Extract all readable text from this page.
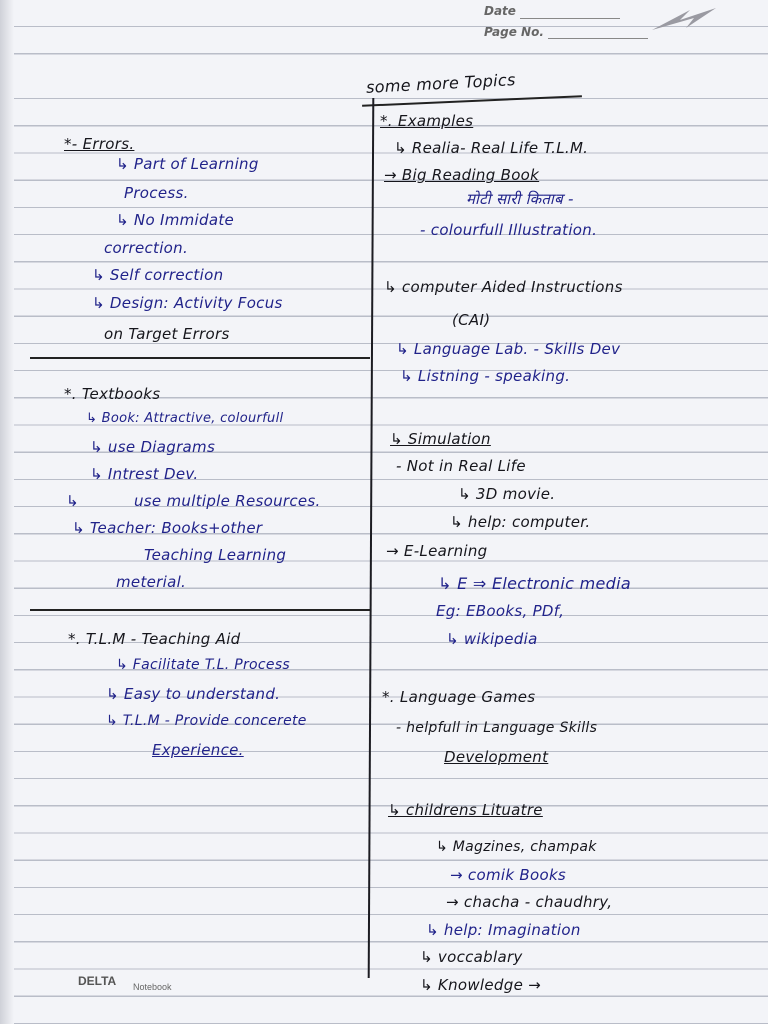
Date
Page No.
some more Topics
*- Errors.
↳ Part of Learning
Process.
↳ No Immidate
correction.
↳ Self correction
↳ Design: Activity Focus
on Target Errors
*. Textbooks
↳ Book: Attractive, colourfull
↳ use Diagrams
↳ Intrest Dev.
↳	use multiple Resources.
↳ Teacher: Books+other
Teaching Learning
meterial.
*. T.L.M - Teaching Aid
↳ Facilitate T.L. Process
↳ Easy to understand.
↳ T.L.M - Provide concerete
Experience.
*. Examples
↳ Realia- Real Life T.L.M.
→ Big Reading Book
मोटी सारी किताब -
- colourfull Illustration.
↳ computer Aided Instructions
(CAI)
↳ Language Lab. - Skills Dev
↳ Listning - speaking.
↳ Simulation
- Not in Real Life
↳ 3D movie.
↳ help: computer.
→ E-Learning
↳ E ⇒ Electronic media
Eg: EBooks, PDf,
↳ wikipedia
*. Language Games
- helpfull in Language Skills
Development
↳ childrens Lituatre
↳ Magzines, champak
→ comik Books
→ chacha - chaudhry,
↳ help: Imagination
↳ voccablary
↳ Knowledge →
DELTA Notebook
